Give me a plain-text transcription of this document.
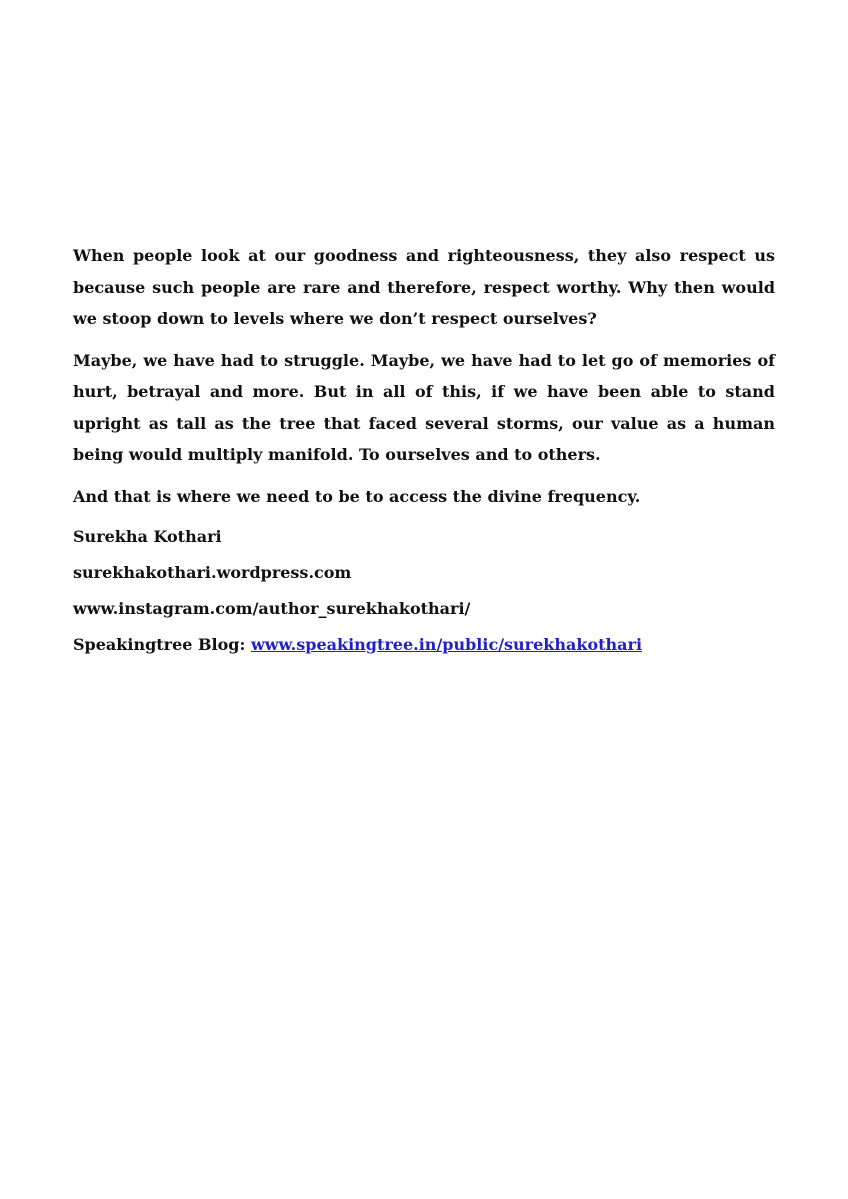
When people look at our goodness and righteousness, they also respect us because such people are rare and therefore, respect worthy. Why then would we stoop down to levels where we don’t respect ourselves?

Maybe, we have had to struggle. Maybe, we have had to let go of memories of hurt, betrayal and more. But in all of this, if we have been able to stand upright as tall as the tree that faced several storms, our value as a human being would multiply manifold. To ourselves and to others.

And that is where we need to be to access the divine frequency.

Surekha Kothari

surekhakothari.wordpress.com

www.instagram.com/author_surekhakothari/

Speakingtree Blog: www.speakingtree.in/public/surekhakothari
